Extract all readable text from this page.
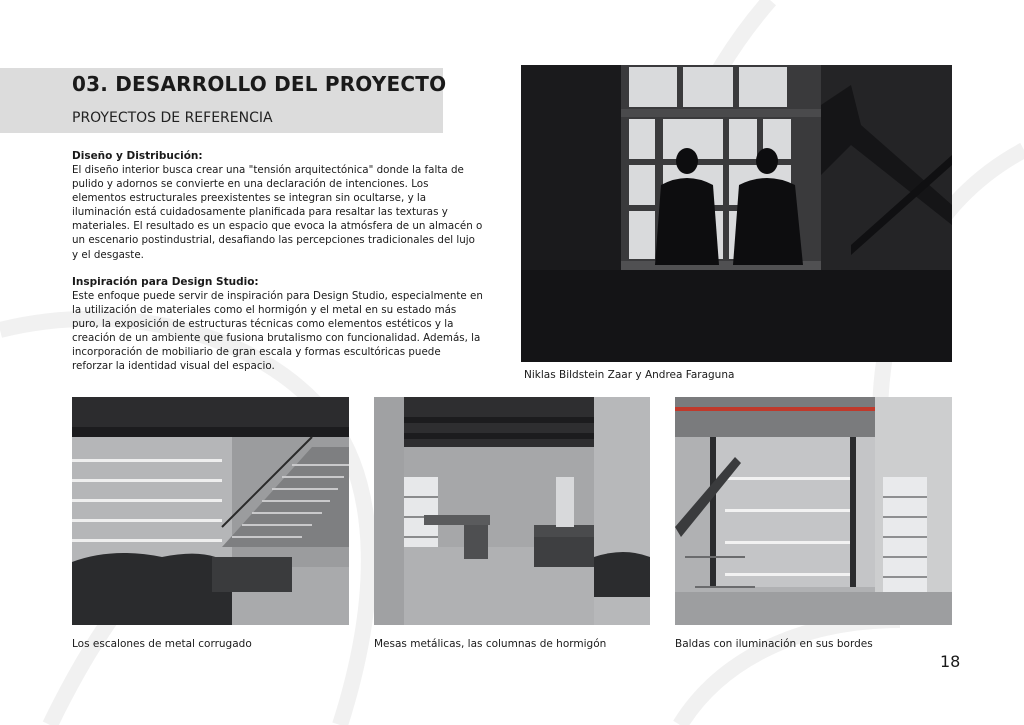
03. DESARROLLO DEL PROYECTO
PROYECTOS DE REFERENCIA
Diseño y Distribución:

El diseño interior busca crear una "tensión arquitectónica" donde la falta de pulido y adornos se convierte en una declaración de intenciones. Los elementos estructurales preexistentes se integran sin ocultarse, y la iluminación está cuidadosamente planificada para resaltar las texturas y materiales. El resultado es un espacio que evoca la atmósfera de un almacén o un escenario postindustrial, desafiando las percepciones tradicionales del lujo y el desgaste.

Inspiración para Design Studio:

Este enfoque puede servir de inspiración para Design Studio, especialmente en la utilización de materiales como el hormigón y el metal en su estado más puro, la exposición de estructuras técnicas como elementos estéticos y la creación de un ambiente que fusiona brutalismo con funcionalidad. Además, la incorporación de mobiliario de gran escala y formas escultóricas puede reforzar la identidad visual del espacio.

Niklas Bildstein Zaar y Andrea Faraguna
Los escalones de metal corrugado	Mesas metálicas, las columnas de hormigón	Baldas con iluminación en sus bordes
18
